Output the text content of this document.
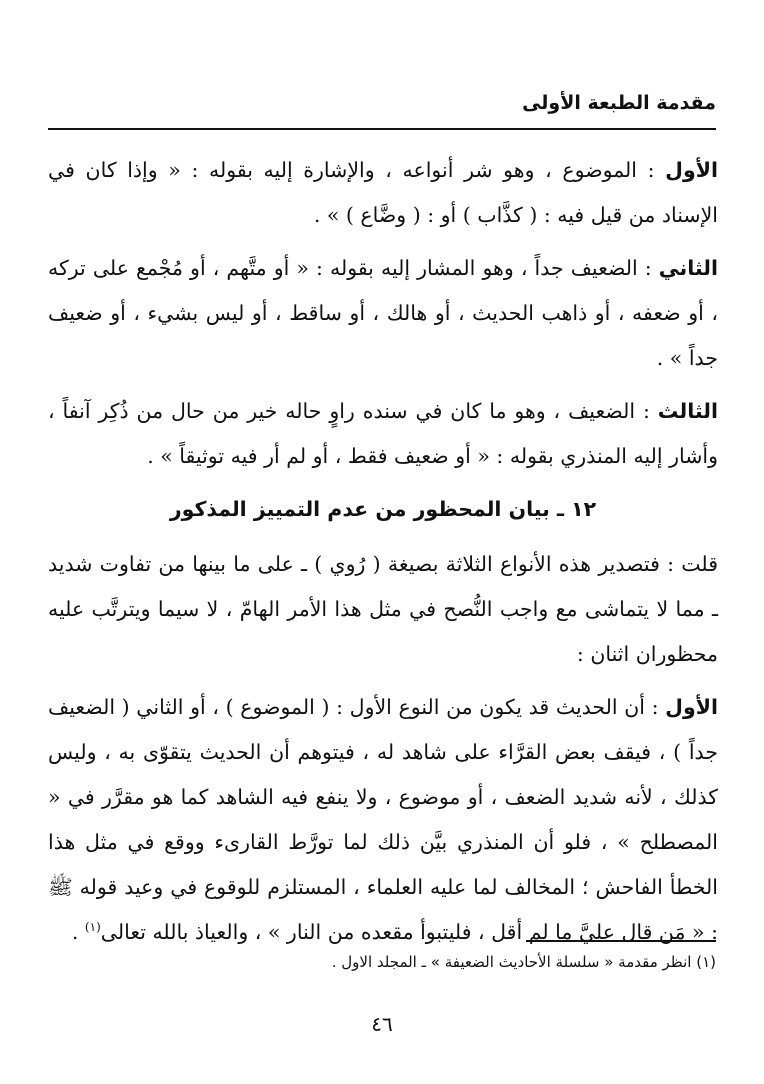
مقدمة الطبعة الأولى

الأول : الموضوع ، وهو شر أنواعه ، والإشارة إليه بقوله : « وإذا كان في الإسناد من قيل فيه : ( كذَّاب ) أو : ( وضَّاع ) » .

الثاني : الضعيف جداً ، وهو المشار إليه بقوله : « أو متَّهم ، أو مُجْمع على تركه ، أو ضعفه ، أو ذاهب الحديث ، أو هالك ، أو ساقط ، أو ليس بشيء ، أو ضعيف جداً » .

الثالث : الضعيف ، وهو ما كان في سنده راوٍ حاله خير من حال من ذُكِر آنفاً ، وأشار إليه المنذري بقوله : « أو ضعيف فقط ، أو لم أر فيه توثيقاً » .

١٢ ـ بيان المحظور من عدم التمييز المذكور

قلت : فتصدير هذه الأنواع الثلاثة بصيغة ( رُوي ) ـ على ما بينها من تفاوت شديد ـ مما لا يتماشى مع واجب النُّصح في مثل هذا الأمر الهامّ ، لا سيما ويترتَّب عليه محظوران اثنان :

الأول : أن الحديث قد يكون من النوع الأول : ( الموضوع ) ، أو الثاني ( الضعيف جداً ) ، فيقف بعض القرَّاء على شاهد له ، فيتوهم أن الحديث يتقوّى به ، وليس كذلك ، لأنه شديد الضعف ، أو موضوع ، ولا ينفع فيه الشاهد كما هو مقرَّر في « المصطلح » ، فلو أن المنذري بيَّن ذلك لما تورَّط القارىء ووقع في مثل هذا الخطأ الفاحش ؛ المخالف لما عليه العلماء ، المستلزم للوقوع في وعيد قوله ﷺ : « مَن قال عليَّ ما لم أقل ، فليتبوأ مقعده من النار » ، والعياذ بالله تعالى$^{(١)}$ .

(١) انظر مقدمة « سلسلة الأحاديث الضعيفة » ـ المجلد الاول .
٤٦
